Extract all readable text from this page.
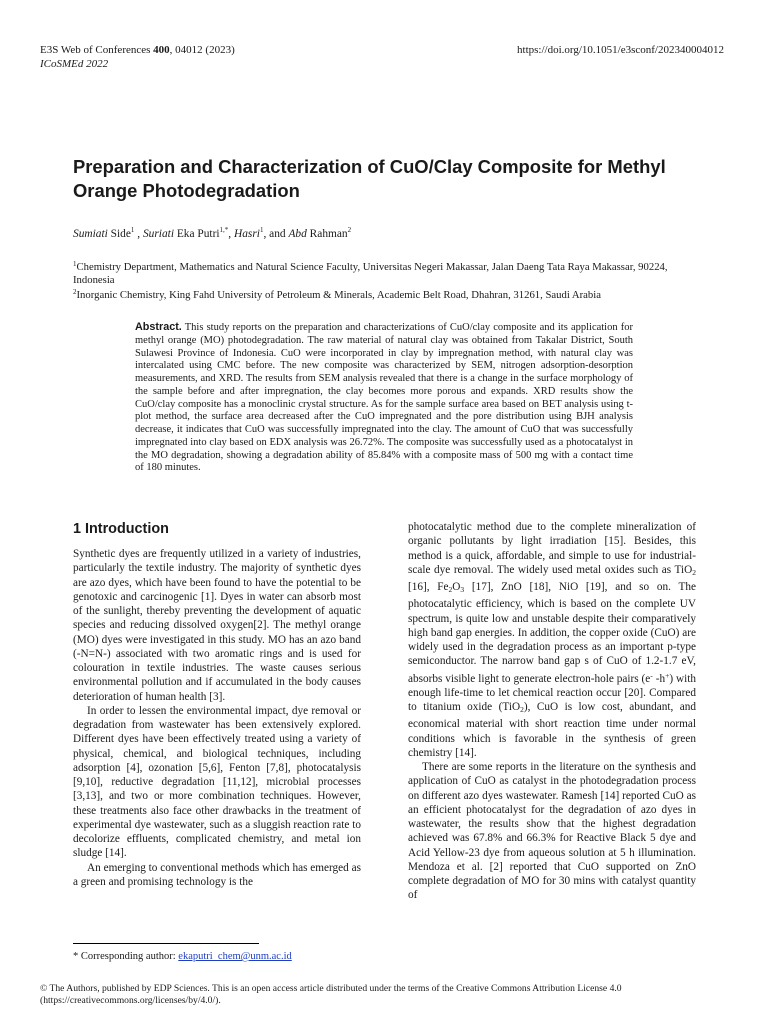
E3S Web of Conferences 400, 04012 (2023)
ICoSMEd 2022
https://doi.org/10.1051/e3sconf/202340004012
Preparation and Characterization of CuO/Clay Composite for Methyl Orange Photodegradation
Sumiati Side$^1$ , Suriati Eka Putri$^{1,*}$, Hasri$^1$, and Abd Rahman$^2$
$^1$Chemistry Department, Mathematics and Natural Science Faculty, Universitas Negeri Makassar, Jalan Daeng Tata Raya Makassar, 90224, Indonesia
$^2$Inorganic Chemistry, King Fahd University of Petroleum & Minerals, Academic Belt Road, Dhahran, 31261, Saudi Arabia
Abstract. This study reports on the preparation and characterizations of CuO/clay composite and its application for methyl orange (MO) photodegradation. The raw material of natural clay was obtained from Takalar District, South Sulawesi Province of Indonesia. CuO were incorporated in clay by impregnation method, with natural clay was intercalated using CMC before. The new composite was characterized by SEM, nitrogen adsorption-desorption measurements, and XRD. The results from SEM analysis revealed that there is a change in the surface morphology of the sample before and after impregnation, the clay becomes more porous and expands. XRD results show the CuO/clay composite has a monoclinic crystal structure. As for the sample surface area based on BET analysis using t-plot method, the surface area decreased after the CuO impregnated and the pore distribution using BJH analysis decrease, it indicates that CuO was successfully impregnated into the clay. The amount of CuO that was successfully impregnated into clay based on EDX analysis was 26.72%. The composite was successfully used as a photocatalyst in the MO degradation, showing a degradation ability of 85.84% with a composite mass of 500 mg with a contact time of 180 minutes.
1 Introduction

Synthetic dyes are frequently utilized in a variety of industries, particularly the textile industry. The majority of synthetic dyes are azo dyes, which have been found to have the potential to be genotoxic and carcinogenic [1]. Dyes in water can absorb most of the sunlight, thereby preventing the development of aquatic species and reducing dissolved oxygen[2]. The methyl orange (MO) dyes were investigated in this study. MO has an azo band (-N=N-) associated with two aromatic rings and is used for colouration in textile industries. The waste causes serious environmental pollution and if accumulated in the body causes deterioration of human health [3].

In order to lessen the environmental impact, dye removal or degradation from wastewater has been extensively explored. Different dyes have been effectively treated using a variety of physical, chemical, and biological techniques, including adsorption [4], ozonation [5,6], Fenton [7,8], photocatalysis [9,10], reductive degradation [11,12], microbial processes [3,13], and two or more combination techniques. However, these treatments also face other drawbacks in the treatment of experimental dye wastewater, such as a sluggish reaction rate to decolorize effluents, complicated chemistry, and metal ion sludge [14].

An emerging to conventional methods which has emerged as a green and promising technology is the

photocatalytic method due to the complete mineralization of organic pollutants by light irradiation [15]. Besides, this method is a quick, affordable, and simple to use for industrial-scale dye removal. The widely used metal oxides such as TiO$_2$ [16], $Fe_2O_3$ [17], ZnO [18], NiO [19], and so on. The photocatalytic efficiency, which is based on the complete UV spectrum, is quite low and unstable despite their comparatively high band gap energies. In addition, the copper oxide (CuO) are widely used in the degradation process as an important p-type semiconductor. The narrow band gap s of CuO of 1.2-1.7 eV, absorbs visible light to generate electron-hole pairs (e- -h+) with enough life-time to let chemical reaction occur [20]. Compared to titanium oxide (TiO$_2$), CuO is low cost, abundant, and economical material with short reaction time under normal conditions which is favorable in the synthesis of green chemistry [14].

There are some reports in the literature on the synthesis and application of CuO as catalyst in the photodegradation process on different azo dyes wastewater. Ramesh [14] reported CuO as an efficient photocatalyst for the degradation of azo dyes in wastewater, the results show that the highest degradation achieved was 67.8% and 66.3% for Reactive Black 5 dye and Acid Yellow-23 dye from aqueous solution at 5 h illumination. Mendoza et al. [2] reported that CuO supported on ZnO complete degradation of MO for 30 mins with catalyst quantity of

* Corresponding author: ekaputri_chem@unm.ac.id
© The Authors, published by EDP Sciences. This is an open access article distributed under the terms of the Creative Commons Attribution License 4.0 (https://creativecommons.org/licenses/by/4.0/).
